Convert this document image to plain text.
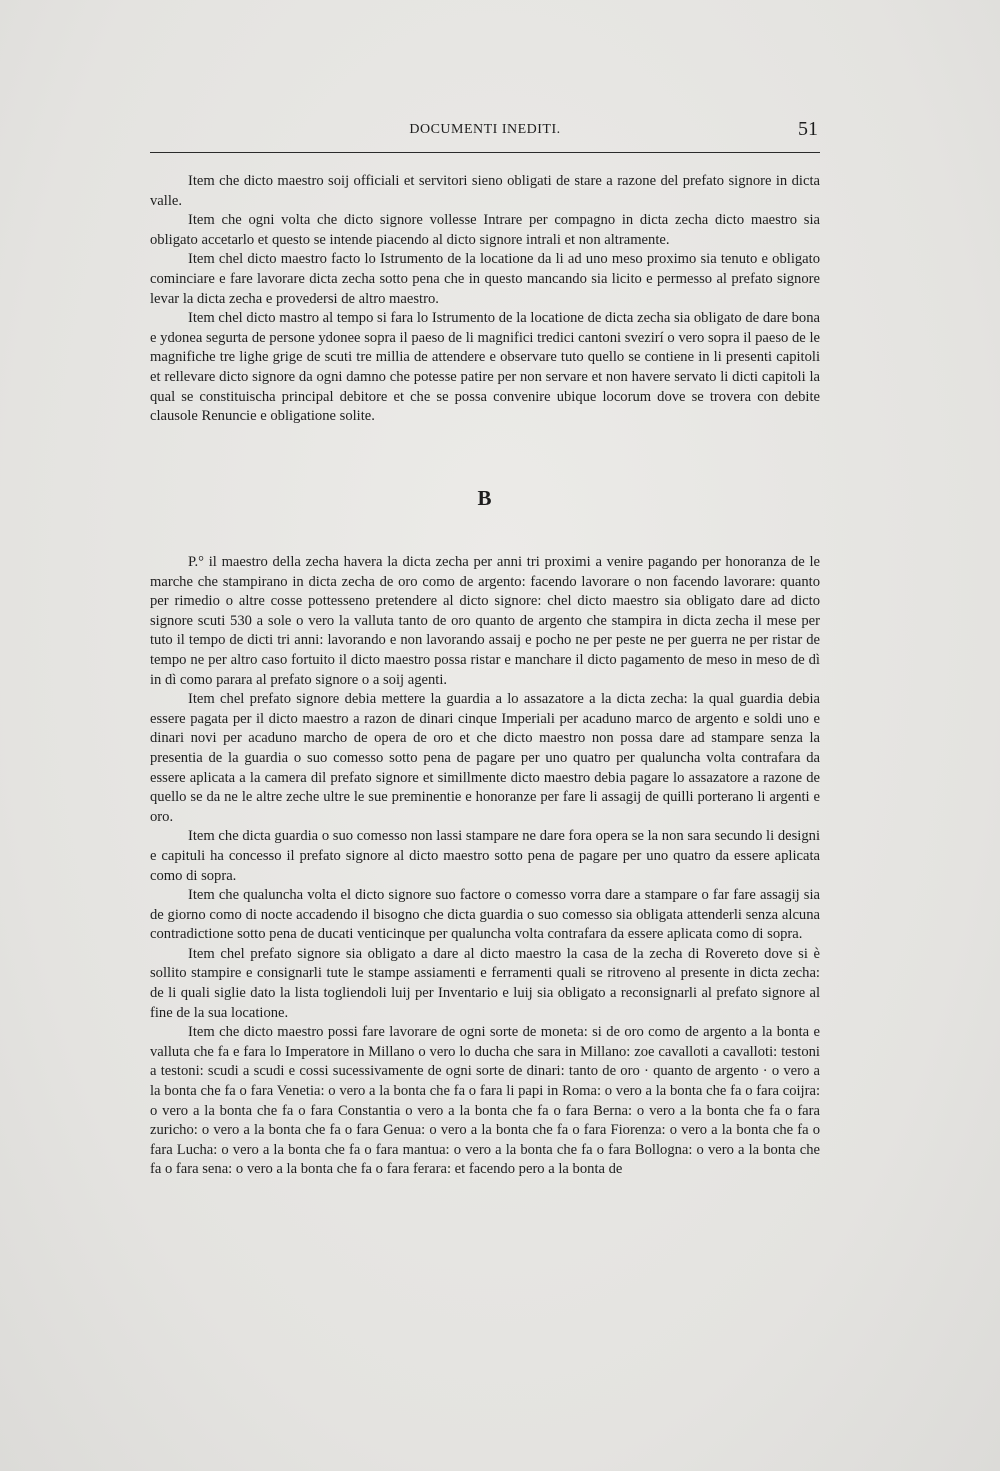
DOCUMENTI INEDITI.	51

Item che dicto maestro soij officiali et servitori sieno obligati de stare a razone del prefato signore in dicta valle.

Item che ogni volta che dicto signore vollesse Intrare per compagno in dicta zecha dicto maestro sia obligato accetarlo et questo se intende piacendo al dicto signore intrali et non altramente.

Item chel dicto maestro facto lo Istrumento de la locatione da li ad uno meso proximo sia tenuto e obligato cominciare e fare lavorare dicta zecha sotto pena che in questo mancando sia licito e permesso al prefato signore levar la dicta zecha e provedersi de altro maestro.

Item chel dicto mastro al tempo si fara lo Istrumento de la locatione de dicta zecha sia obligato de dare bona e ydonea segurta de persone ydonee sopra il paeso de li magnifici tredici cantoni svezirí o vero sopra il paeso de le magnifiche tre lighe grige de scuti tre millia de attendere e observare tuto quello se contiene in li presenti capitoli et rellevare dicto signore da ogni damno che potesse patire per non servare et non havere servato li dicti capitoli la qual se constituischa principal debitore et che se possa convenire ubique locorum dove se trovera con debite clausole Renuncie e obligatione solite.

B

P.° il maestro della zecha havera la dicta zecha per anni tri proximi a venire pagando per honoranza de le marche che stampirano in dicta zecha de oro como de argento: facendo lavorare o non facendo lavorare: quanto per rimedio o altre cosse pottesseno pretendere al dicto signore: chel dicto maestro sia obligato dare ad dicto signore scuti 530 a sole o vero la valluta tanto de oro quanto de argento che stampira in dicta zecha il mese per tuto il tempo de dicti tri anni: lavorando e non lavorando assaij e pocho ne per peste ne per guerra ne per ristar de tempo ne per altro caso fortuito il dicto maestro possa ristar e manchare il dicto pagamento de meso in meso de dì in dì como parara al prefato signore o a soij agenti.

Item chel prefato signore debia mettere la guardia a lo assazatore a la dicta zecha: la qual guardia debia essere pagata per il dicto maestro a razon de dinari cinque Imperiali per acaduno marco de argento e soldi uno e dinari novi per acaduno marcho de opera de oro et che dicto maestro non possa dare ad stampare senza la presentia de la guardia o suo comesso sotto pena de pagare per uno quatro per qualuncha volta contrafara da essere aplicata a la camera dil prefato signore et simillmente dicto maestro debia pagare lo assazatore a razone de quello se da ne le altre zeche ultre le sue preminentie e honoranze per fare li assagij de quilli porterano li argenti e oro.

Item che dicta guardia o suo comesso non lassi stampare ne dare fora opera se la non sara secundo li designi e capituli ha concesso il prefato signore al dicto maestro sotto pena de pagare per uno quatro da essere aplicata como di sopra.

Item che qualuncha volta el dicto signore suo factore o comesso vorra dare a stampare o far fare assagij sia de giorno como di nocte accadendo il bisogno che dicta guardia o suo comesso sia obligata attenderli senza alcuna contradictione sotto pena de ducati venticinque per qualuncha volta contrafara da essere aplicata como di sopra.

Item chel prefato signore sia obligato a dare al dicto maestro la casa de la zecha di Rovereto dove si è sollito stampire e consignarli tute le stampe assiamenti e ferramenti quali se ritroveno al presente in dicta zecha: de li quali siglie dato la lista togliendoli luij per Inventario e luij sia obligato a reconsignarli al prefato signore al fine de la sua locatione.

Item che dicto maestro possi fare lavorare de ogni sorte de moneta: si de oro como de argento a la bonta e valluta che fa e fara lo Imperatore in Millano o vero lo ducha che sara in Millano: zoe cavalloti a cavalloti: testoni a testoni: scudi a scudi e cossi sucessivamente de ogni sorte de dinari: tanto de oro · quanto de argento · o vero a la bonta che fa o fara Venetia: o vero a la bonta che fa o fara li papi in Roma: o vero a la bonta che fa o fara coijra: o vero a la bonta che fa o fara Constantia o vero a la bonta che fa o fara Berna: o vero a la bonta che fa o fara zuricho: o vero a la bonta che fa o fara Genua: o vero a la bonta che fa o fara Fiorenza: o vero a la bonta che fa o fara Lucha: o vero a la bonta che fa o fara mantua: o vero a la bonta che fa o fara Bollogna: o vero a la bonta che fa o fara sena: o vero a la bonta che fa o fara ferara: et facendo pero a la bonta de
